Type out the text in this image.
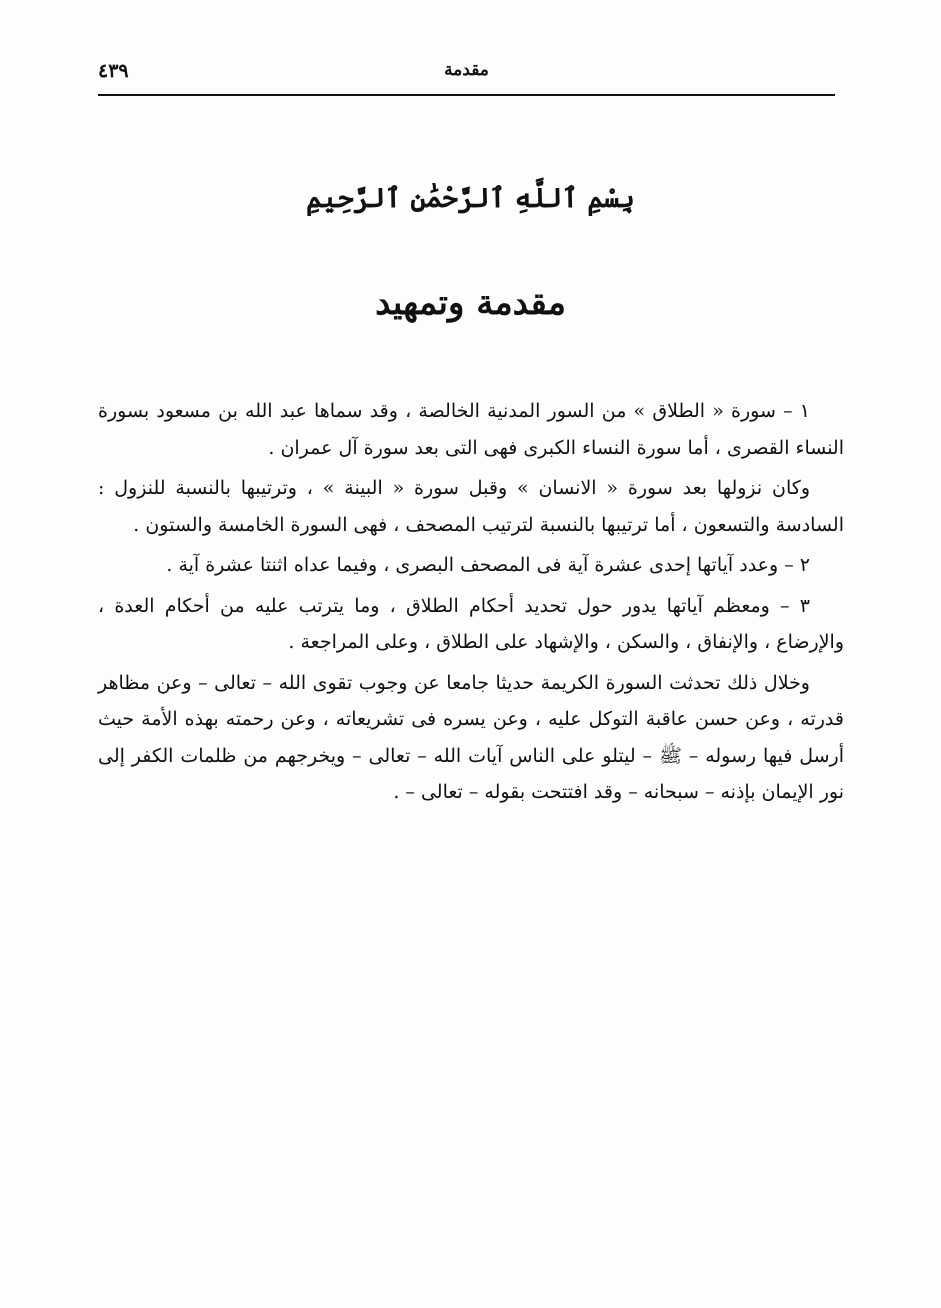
مقدمة
٤٣٩
بِسْمِ ٱللَّهِ ٱلرَّحْمَٰنِ ٱلرَّحِيمِ
مقدمة وتمهيد

١ – سورة « الطلاق » من السور المدنية الخالصة ، وقد سماها عبد الله بن مسعود بسورة النساء القصرى ، أما سورة النساء الكبرى فهى التى بعد سورة آل عمران .

وكان نزولها بعد سورة « الانسان » وقبل سورة « البينة » ، وترتيبها بالنسبة للنزول : السادسة والتسعون ، أما ترتيبها بالنسبة لترتيب المصحف ، فهى السورة الخامسة والستون .

٢ – وعدد آياتها إحدى عشرة آية فى المصحف البصرى ، وفيما عداه اثنتا عشرة آية .

٣ – ومعظم آياتها يدور حول تحديد أحكام الطلاق ، وما يترتب عليه من أحكام العدة ، والإرضاع ، والإنفاق ، والسكن ، والإشهاد على الطلاق ، وعلى المراجعة .

وخلال ذلك تحدثت السورة الكريمة حديثا جامعا عن وجوب تقوى الله – تعالى – وعن مظاهر قدرته ، وعن حسن عاقبة التوكل عليه ، وعن يسره فى تشريعاته ، وعن رحمته بهذه الأمة حيث أرسل فيها رسوله – ﷺ – ليتلو على الناس آيات الله – تعالى – ويخرجهم من ظلمات الكفر إلى نور الإيمان بإذنه – سبحانه – وقد افتتحت بقوله – تعالى – .
